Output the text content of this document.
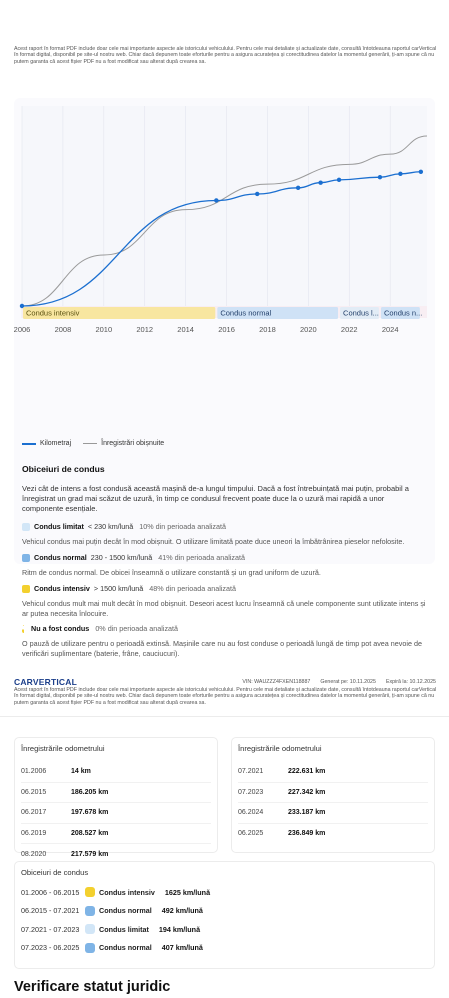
Acest raport în format PDF include doar cele mai importante aspecte ale istoricului vehiculului. Pentru cele mai detaliate și actualizate date, consultă întotdeauna raportul carVertical în format digital, disponibil pe site-ul nostru web. Chiar dacă depunem toate eforturile pentru a asigura acuratețea și corectitudinea datelor la momentul generării, ți-am spune că nu putem garanta că acest fișier PDF nu a fost modificat sau alterat după crearea sa.
Condus intensiv	Condus normal	Condus l... Condus n...
2006	2008	2010	2012	2014	2016	2018	2020	2022	2024
Kilometraj	Înregistrări obișnuite
Obiceiuri de condus
Vezi cât de intens a fost condusă această mașină de-a lungul timpului. Dacă a fost întrebuințată mai puțin, probabil a înregistrat un grad mai scăzut de uzură, în timp ce condusul frecvent poate duce la o uzură mai rapidă a unor componente esențiale.
Condus limitat < 230 km/lună 10% din perioada analizată
Vehicul condus mai puțin decât în mod obișnuit. O utilizare limitată poate duce uneori la îmbătrânirea pieselor nefolosite.
Condus normal 230 - 1500 km/lună 41% din perioada analizată
Ritm de condus normal. De obicei înseamnă o utilizare constantă și un grad uniform de uzură.
Condus intensiv > 1500 km/lună 48% din perioada analizată
Vehicul condus mult mai mult decât în mod obișnuit. Deseori acest lucru înseamnă că unele componente sunt utilizate intens și ar putea necesita înlocuire.
Nu a fost condus 0% din perioada analizată
O pauză de utilizare pentru o perioadă extinsă. Mașinile care nu au fost conduse o perioadă lungă de timp pot avea nevoie de verificări suplimentare (baterie, frâne, cauciucuri).
CARVERTICAL	VIN: WAUZZZ4FXEN118887 Generat pe: 10.11.2025 Expiră la: 10.12.2025
Acest raport în format PDF include doar cele mai importante aspecte ale istoricului vehiculului. Pentru cele mai detaliate și actualizate date, consultă întotdeauna raportul carVertical în format digital, disponibil pe site-ul nostru web. Chiar dacă depunem toate eforturile pentru a asigura acuratețea și corectitudinea datelor la momentul generării, ți-am spune că nu putem garanta că acest fișier PDF nu a fost modificat sau alterat după crearea sa.
Înregistrările odometrului
01.2006	14 km
06.2015	186.205 km
06.2017	197.678 km
06.2019	208.527 km
08.2020	217.579 km
Înregistrările odometrului
07.2021	222.631 km
07.2023	227.342 km
06.2024	233.187 km
06.2025	236.849 km
Obiceiuri de condus
01.2006 - 06.2015	Condus intensiv 1625 km/lună
06.2015 - 07.2021	Condus normal 492 km/lună
07.2021 - 07.2023	Condus limitat 194 km/lună
07.2023 - 06.2025	Condus normal 407 km/lună
Verificare statut juridic
